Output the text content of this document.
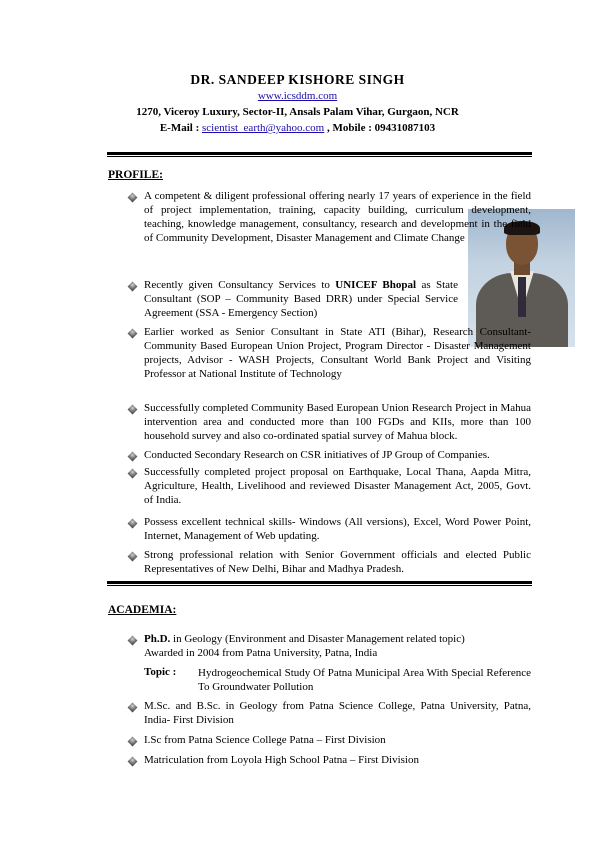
DR. SANDEEP KISHORE SINGH
www.icsddm.com
1270, Viceroy Luxury, Sector-II, Ansals Palam Vihar, Gurgaon, NCR
E-Mail : scientist_earth@yahoo.com , Mobile : 09431087103
PROFILE:
A competent & diligent professional offering nearly 17 years of experience in the field of project implementation, training, capacity building, curriculum development, teaching, knowledge management, consultancy, research and development in the field of Community Development, Disaster Management and Climate Change
Recently given Consultancy Services to UNICEF Bhopal as State Consultant (SOP – Community Based DRR) under Special Service Agreement (SSA - Emergency Section)
Earlier worked as Senior Consultant in State ATI (Bihar), Research Consultant-Community Based European Union Project, Program Director - Disaster Management projects, Advisor - WASH Projects, Consultant World Bank Project and Visiting Professor at National Institute of Technology
Successfully completed Community Based European Union Research Project in Mahua intervention area and conducted more than 100 FGDs and KIIs, more than 100 household survey and also co-ordinated spatial survey of Mahua block.
Conducted Secondary Research on CSR initiatives of JP Group of Companies.
Successfully completed project proposal on Earthquake, Local Thana, Aapda Mitra, Agriculture, Health, Livelihood and reviewed Disaster Management Act, 2005, Govt. of India.
Possess excellent technical skills- Windows (All versions), Excel, Word Power Point, Internet, Management of Web updating.
Strong professional relation with Senior Government officials and elected Public Representatives of New Delhi, Bihar and Madhya Pradesh.
ACADEMIA:
Ph.D. in Geology (Environment and Disaster Management related topic)
Awarded in 2004 from Patna University, Patna, India
Topic : Hydrogeochemical Study Of Patna Municipal Area With Special Reference To Groundwater Pollution
M.Sc. and B.Sc. in Geology from Patna Science College, Patna University, Patna, India- First Division
I.Sc from Patna Science College Patna – First Division
Matriculation from Loyola High School Patna – First Division
